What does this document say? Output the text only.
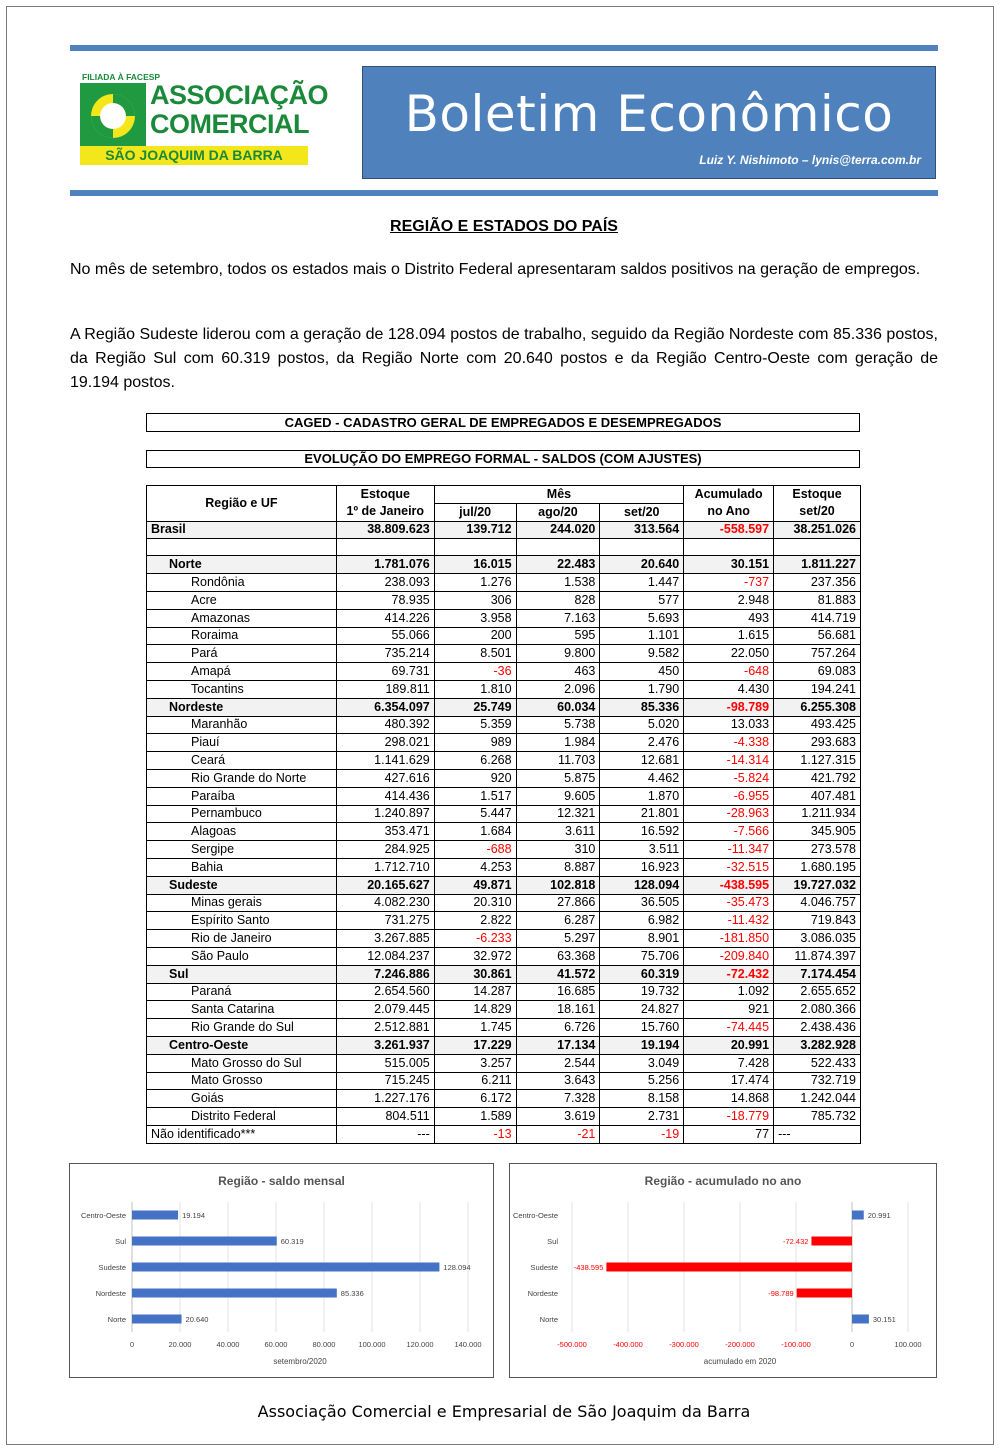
FILIADA À FACESP
ASSOCIAÇÃO
COMERCIAL
SÃO JOAQUIM DA BARRA
Boletim Econômico
Luiz Y. Nishimoto – lynis@terra.com.br
REGIÃO E ESTADOS DO PAÍS
No mês de setembro, todos os estados mais o Distrito Federal apresentaram saldos positivos na geração de empregos.
A Região Sudeste liderou com a geração de 128.094 postos de trabalho, seguido da Região Nordeste com 85.336 postos, da Região Sul com 60.319 postos, da Região Norte com 20.640 postos e da Região Centro-Oeste com geração de 19.194 postos.
CAGED - CADASTRO GERAL DE EMPREGADOS E DESEMPREGADOS
EVOLUÇÃO DO EMPREGO FORMAL - SALDOS (COM AJUSTES)
Região e UF	Estoque	Mês			Acumulado	Estoque
	1º de Janeiro	jul/20	ago/20	set/20	no Ano	set/20
Brasil	38.809.623	139.712	244.020	313.564	-558.597	38.251.026

Norte	1.781.076	16.015	22.483	20.640	30.151	1.811.227
Rondônia	238.093	1.276	1.538	1.447	-737	237.356
Acre	78.935	306	828	577	2.948	81.883
Amazonas	414.226	3.958	7.163	5.693	493	414.719
Roraima	55.066	200	595	1.101	1.615	56.681
Pará	735.214	8.501	9.800	9.582	22.050	757.264
Amapá	69.731	-36	463	450	-648	69.083
Tocantins	189.811	1.810	2.096	1.790	4.430	194.241
Nordeste	6.354.097	25.749	60.034	85.336	-98.789	6.255.308
Maranhão	480.392	5.359	5.738	5.020	13.033	493.425
Piauí	298.021	989	1.984	2.476	-4.338	293.683
Ceará	1.141.629	6.268	11.703	12.681	-14.314	1.127.315
Rio Grande do Norte	427.616	920	5.875	4.462	-5.824	421.792
Paraíba	414.436	1.517	9.605	1.870	-6.955	407.481
Pernambuco	1.240.897	5.447	12.321	21.801	-28.963	1.211.934
Alagoas	353.471	1.684	3.611	16.592	-7.566	345.905
Sergipe	284.925	-688	310	3.511	-11.347	273.578
Bahia	1.712.710	4.253	8.887	16.923	-32.515	1.680.195
Sudeste	20.165.627	49.871	102.818	128.094	-438.595	19.727.032
Minas gerais	4.082.230	20.310	27.866	36.505	-35.473	4.046.757
Espírito Santo	731.275	2.822	6.287	6.982	-11.432	719.843
Rio de Janeiro	3.267.885	-6.233	5.297	8.901	-181.850	3.086.035
São Paulo	12.084.237	32.972	63.368	75.706	-209.840	11.874.397
Sul	7.246.886	30.861	41.572	60.319	-72.432	7.174.454
Paraná	2.654.560	14.287	16.685	19.732	1.092	2.655.652
Santa Catarina	2.079.445	14.829	18.161	24.827	921	2.080.366
Rio Grande do Sul	2.512.881	1.745	6.726	15.760	-74.445	2.438.436
Centro-Oeste	3.261.937	17.229	17.134	19.194	20.991	3.282.928
Mato Grosso do Sul	515.005	3.257	2.544	3.049	7.428	522.433
Mato Grosso	715.245	6.211	3.643	5.256	17.474	732.719
Goiás	1.227.176	6.172	7.328	8.158	14.868	1.242.044
Distrito Federal	804.511	1.589	3.619	2.731	-18.779	785.732
Não identificado***	---	-13	-21	-19	77	---
Região - saldo mensal
0	20.000	40.000	60.000	80.000	100.000	120.000	140.000
Centro-Oeste	19.194
Sul	60.319
Sudeste	128.094
Nordeste	85.336
Norte	20.640
setembro/2020
Região - acumulado no ano
-500.000	-400.000	-300.000	-200.000	-100.000	0	100.000
Centro-Oeste	20.991
Sul	-72.432
Sudeste -438.595
Nordeste	-98.789
Norte	30.151
acumulado em 2020
Associação Comercial e Empresarial de São Joaquim da Barra
